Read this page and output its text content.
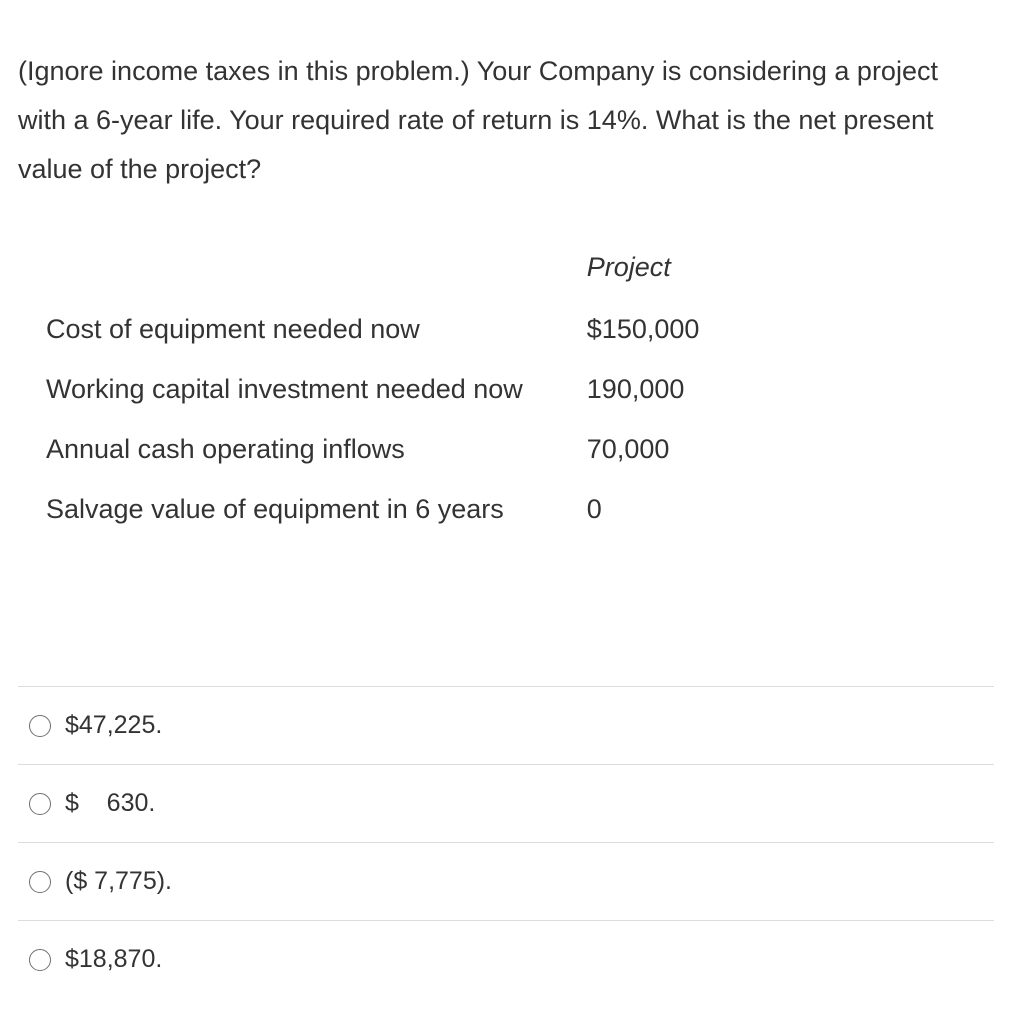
(Ignore income taxes in this problem.) Your Company is considering a project with a 6-year life. Your required rate of return is 14%. What is the net present value of the project?

	Project
Cost of equipment needed now	$150,000
Working capital investment needed now	190,000
Annual cash operating inflows	70,000
Salvage value of equipment in 6 years	0
$47,225.
$    630.
($ 7,775).
$18,870.
